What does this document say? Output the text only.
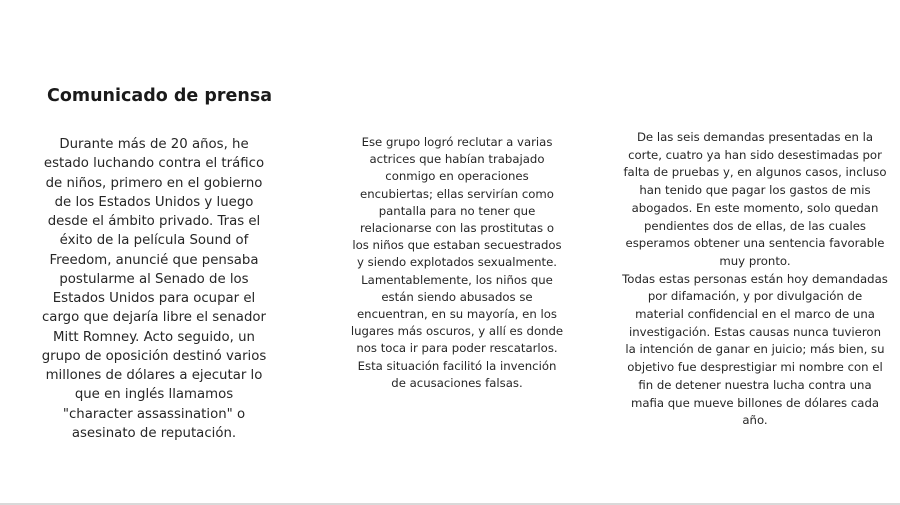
Comunicado de prensa

Durante más de 20 años, he estado luchando contra el tráfico de niños, primero en el gobierno de los Estados Unidos y luego desde el ámbito privado. Tras el éxito de la película Sound of Freedom, anuncié que pensaba postularme al Senado de los Estados Unidos para ocupar el cargo que dejaría libre el senador Mitt Romney. Acto seguido, un grupo de oposición destinó varios millones de dólares a ejecutar lo que en inglés llamamos "character assassination" o asesinato de reputación.

Ese grupo logró reclutar a varias actrices que habían trabajado conmigo en operaciones encubiertas; ellas servirían como pantalla para no tener que relacionarse con las prostitutas o los niños que estaban secuestrados y siendo explotados sexualmente. Lamentablemente, los niños que están siendo abusados se encuentran, en su mayoría, en los lugares más oscuros, y allí es donde nos toca ir para poder rescatarlos. Esta situación facilitó la invención de acusaciones falsas.

De las seis demandas presentadas en la corte, cuatro ya han sido desestimadas por falta de pruebas y, en algunos casos, incluso han tenido que pagar los gastos de mis abogados. En este momento, solo quedan pendientes dos de ellas, de las cuales esperamos obtener una sentencia favorable muy pronto.

Todas estas personas están hoy demandadas por difamación, y por divulgación de material confidencial en el marco de una investigación. Estas causas nunca tuvieron la intención de ganar en juicio; más bien, su objetivo fue desprestigiar mi nombre con el fin de detener nuestra lucha contra una mafia que mueve billones de dólares cada año.
